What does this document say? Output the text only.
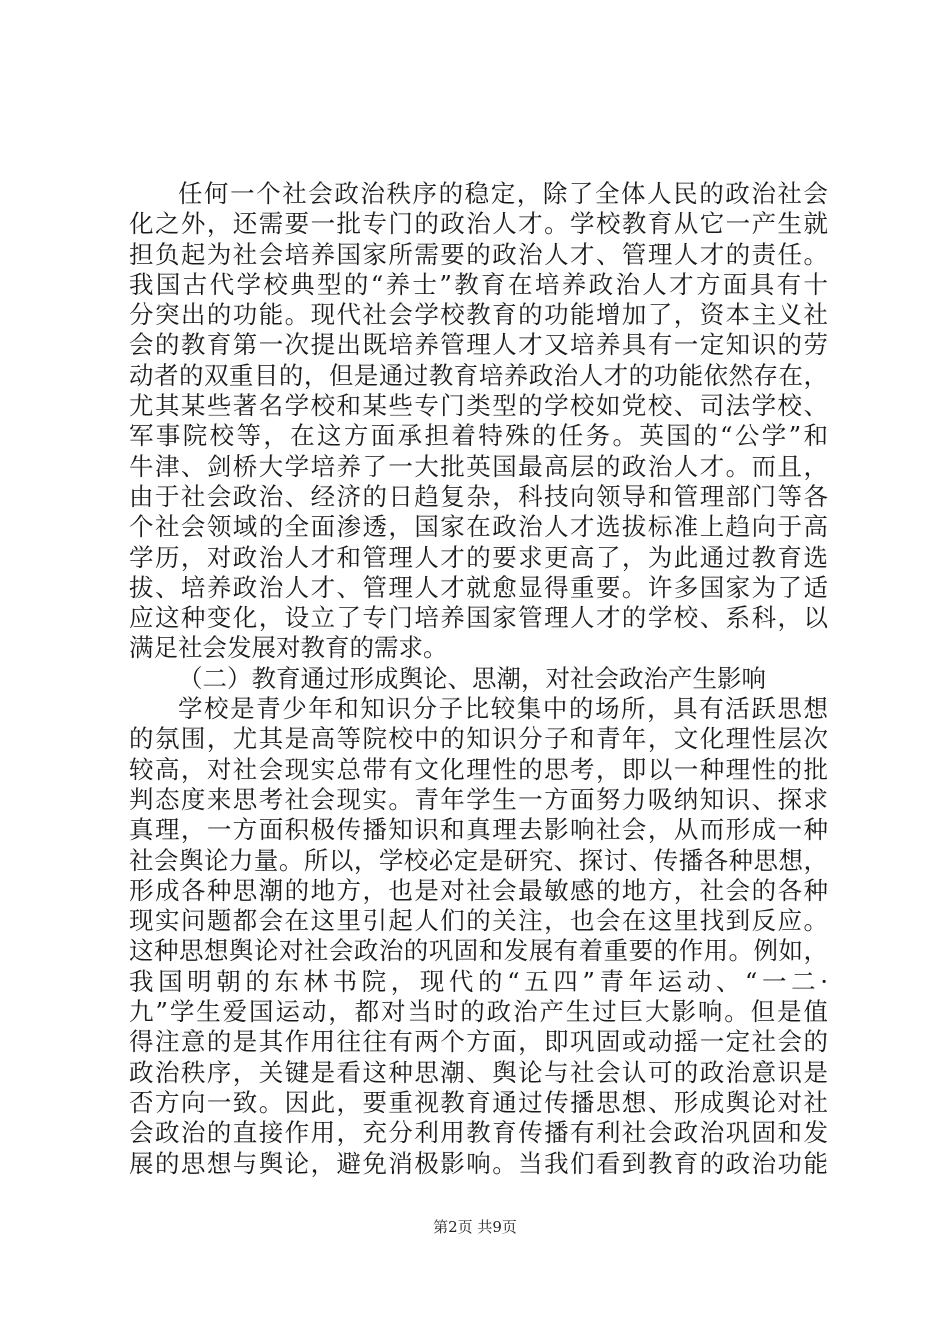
任何一个社会政治秩序的稳定，除了全体人民的政治社会
化之外，还需要一批专门的政治人才。学校教育从它一产生就
担负起为社会培养国家所需要的政治人才、管理人才的责任。
我国古代学校典型的“养士”教育在培养政治人才方面具有十
分突出的功能。现代社会学校教育的功能增加了，资本主义社
会的教育第一次提出既培养管理人才又培养具有一定知识的劳
动者的双重目的，但是通过教育培养政治人才的功能依然存在，
尤其某些著名学校和某些专门类型的学校如党校、司法学校、
军事院校等，在这方面承担着特殊的任务。英国的“公学”和
牛津、剑桥大学培养了一大批英国最高层的政治人才。而且，
由于社会政治、经济的日趋复杂，科技向领导和管理部门等各
个社会领域的全面渗透，国家在政治人才选拔标准上趋向于高
学历，对政治人才和管理人才的要求更高了，为此通过教育选
拔、培养政治人才、管理人才就愈显得重要。许多国家为了适
应这种变化，设立了专门培养国家管理人才的学校、系科，以
满足社会发展对教育的需求。
（二）教育通过形成舆论、思潮，对社会政治产生影响
学校是青少年和知识分子比较集中的场所，具有活跃思想
的氛围，尤其是高等院校中的知识分子和青年，文化理性层次
较高，对社会现实总带有文化理性的思考，即以一种理性的批
判态度来思考社会现实。青年学生一方面努力吸纳知识、探求
真理，一方面积极传播知识和真理去影响社会，从而形成一种
社会舆论力量。所以，学校必定是研究、探讨、传播各种思想，
形成各种思潮的地方，也是对社会最敏感的地方，社会的各种
现实问题都会在这里引起人们的关注，也会在这里找到反应。
这种思想舆论对社会政治的巩固和发展有着重要的作用。例如，
我国明朝的东林书院，现代的“五四”青年运动、“一二·
九”学生爱国运动，都对当时的政治产生过巨大影响。但是值
得注意的是其作用往往有两个方面，即巩固或动摇一定社会的
政治秩序，关键是看这种思潮、舆论与社会认可的政治意识是
否方向一致。因此，要重视教育通过传播思想、形成舆论对社
会政治的直接作用，充分利用教育传播有利社会政治巩固和发
展的思想与舆论，避免消极影响。当我们看到教育的政治功能
第2页 共9页
